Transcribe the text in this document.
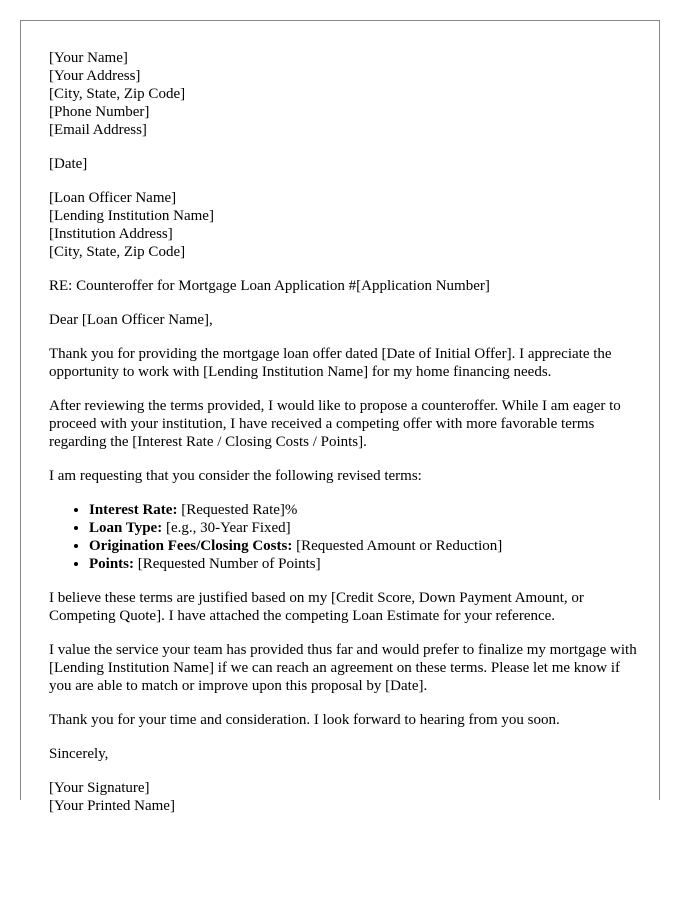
[Your Name]
[Your Address]
[City, State, Zip Code]
[Phone Number]
[Email Address]
[Date]
[Loan Officer Name]
[Lending Institution Name]
[Institution Address]
[City, State, Zip Code]

RE: Counteroffer for Mortgage Loan Application #[Application Number]

Dear [Loan Officer Name],

Thank you for providing the mortgage loan offer dated [Date of Initial Offer]. I appreciate the opportunity to work with [Lending Institution Name] for my home financing needs.

After reviewing the terms provided, I would like to propose a counteroffer. While I am eager to proceed with your institution, I have received a competing offer with more favorable terms regarding the [Interest Rate / Closing Costs / Points].

I am requesting that you consider the following revised terms:

• Interest Rate: [Requested Rate]%
• Loan Type: [e.g., 30-Year Fixed]
• Origination Fees/Closing Costs: [Requested Amount or Reduction]
• Points: [Requested Number of Points]

I believe these terms are justified based on my [Credit Score, Down Payment Amount, or Competing Quote]. I have attached the competing Loan Estimate for your reference.

I value the service your team has provided thus far and would prefer to finalize my mortgage with [Lending Institution Name] if we can reach an agreement on these terms. Please let me know if you are able to match or improve upon this proposal by [Date].

Thank you for your time and consideration. I look forward to hearing from you soon.

Sincerely,

[Your Signature]
[Your Printed Name]
